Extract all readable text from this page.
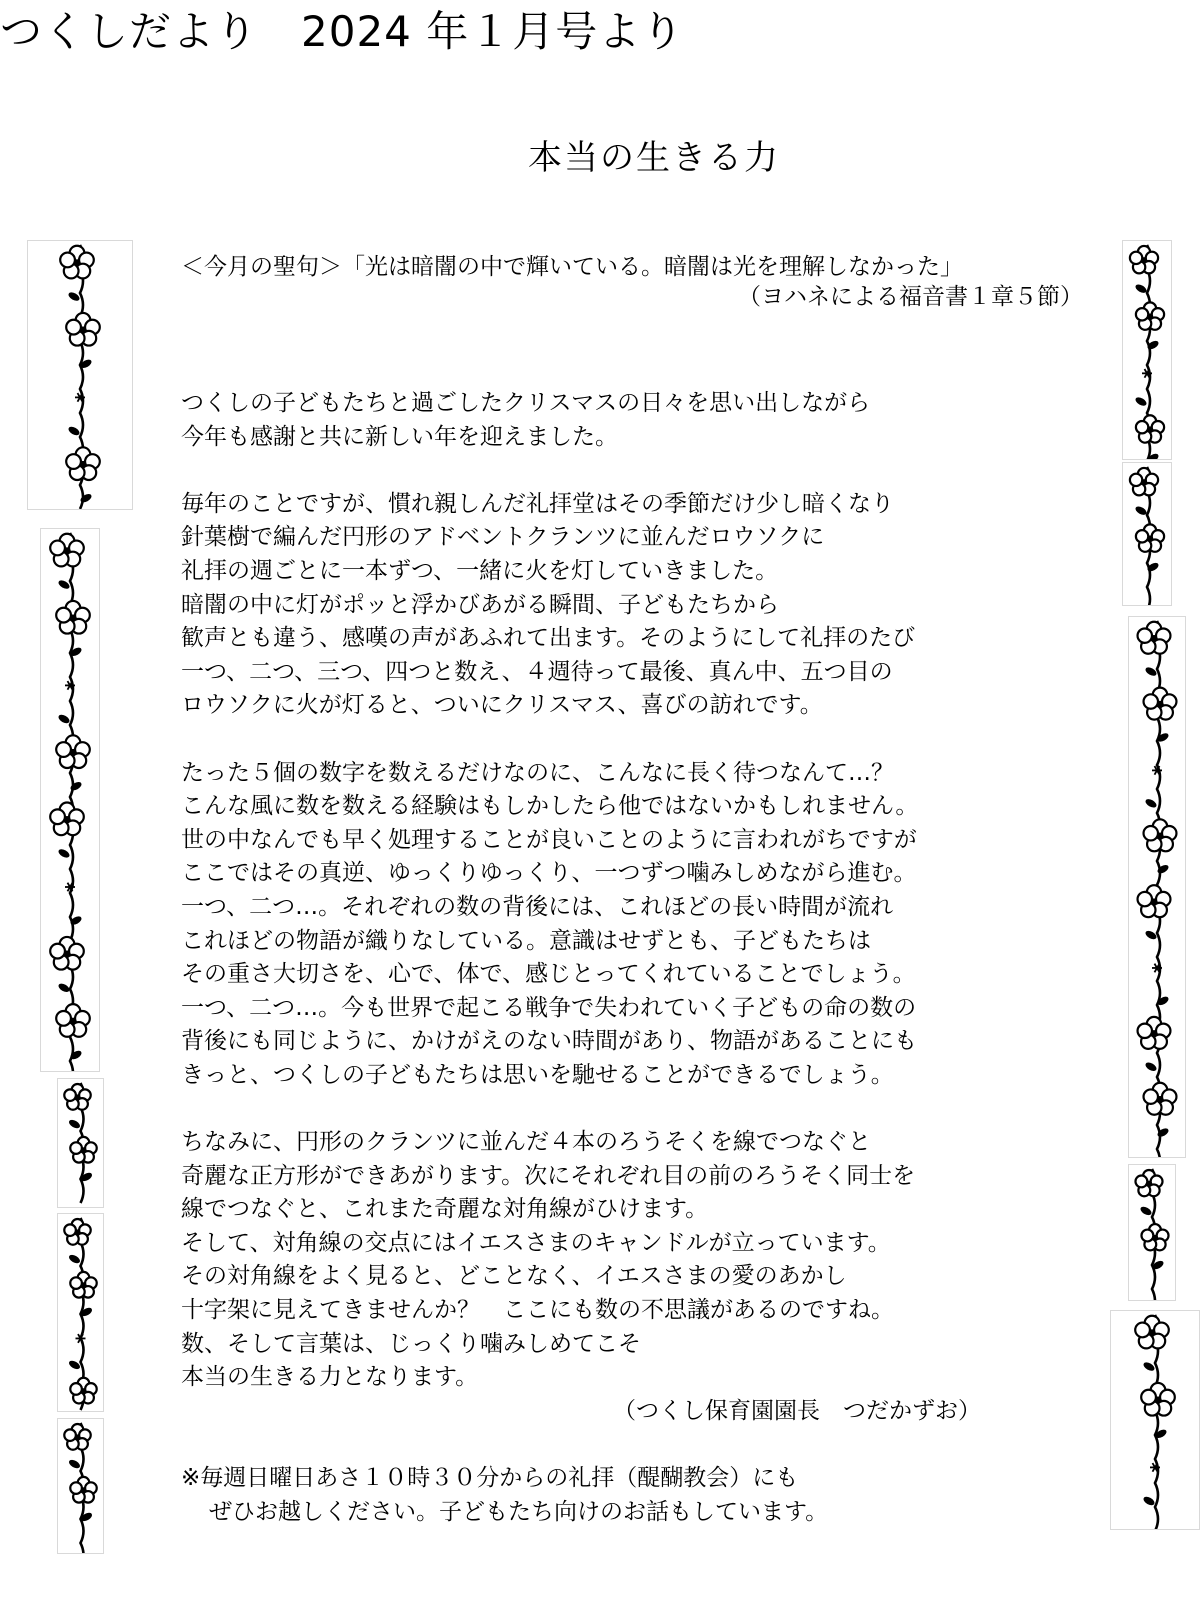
つくしだより　2024 年１月号より
本当の生きる力
＜今月の聖句＞「光は暗闇の中で輝いている。暗闇は光を理解しなかった」
（ヨハネによる福音書１章５節）
つくしの子どもたちと過ごしたクリスマスの日々を思い出しながら
今年も感謝と共に新しい年を迎えました。
毎年のことですが、慣れ親しんだ礼拝堂はその季節だけ少し暗くなり
針葉樹で編んだ円形のアドベントクランツに並んだロウソクに
礼拝の週ごとに一本ずつ、一緒に火を灯していきました。
暗闇の中に灯がポッと浮かびあがる瞬間、子どもたちから
歓声とも違う、感嘆の声があふれて出ます。そのようにして礼拝のたび
一つ、二つ、三つ、四つと数え、４週待って最後、真ん中、五つ目の
ロウソクに火が灯ると、ついにクリスマス、喜びの訪れです。
たった５個の数字を数えるだけなのに、こんなに長く待つなんて…？
こんな風に数を数える経験はもしかしたら他ではないかもしれません。
世の中なんでも早く処理することが良いことのように言われがちですが
ここではその真逆、ゆっくりゆっくり、一つずつ噛みしめながら進む。
一つ、二つ…。それぞれの数の背後には、これほどの長い時間が流れ
これほどの物語が織りなしている。意識はせずとも、子どもたちは
その重さ大切さを、心で、体で、感じとってくれていることでしょう。
一つ、二つ…。今も世界で起こる戦争で失われていく子どもの命の数の
背後にも同じように、かけがえのない時間があり、物語があることにも
きっと、つくしの子どもたちは思いを馳せることができるでしょう。
ちなみに、円形のクランツに並んだ４本のろうそくを線でつなぐと
奇麗な正方形ができあがります。次にそれぞれ目の前のろうそく同士を
線でつなぐと、これまた奇麗な対角線がひけます。
そして、対角線の交点にはイエスさまのキャンドルが立っています。
その対角線をよく見ると、どことなく、イエスさまの愛のあかし
十字架に見えてきませんか？　ここにも数の不思議があるのですね。
数、そして言葉は、じっくり噛みしめてこそ
本当の生きる力となります。
（つくし保育園園長　つだかずお）
※毎週日曜日あさ１０時３０分からの礼拝（醍醐教会）にも
ぜひお越しください。子どもたち向けのお話もしています。
